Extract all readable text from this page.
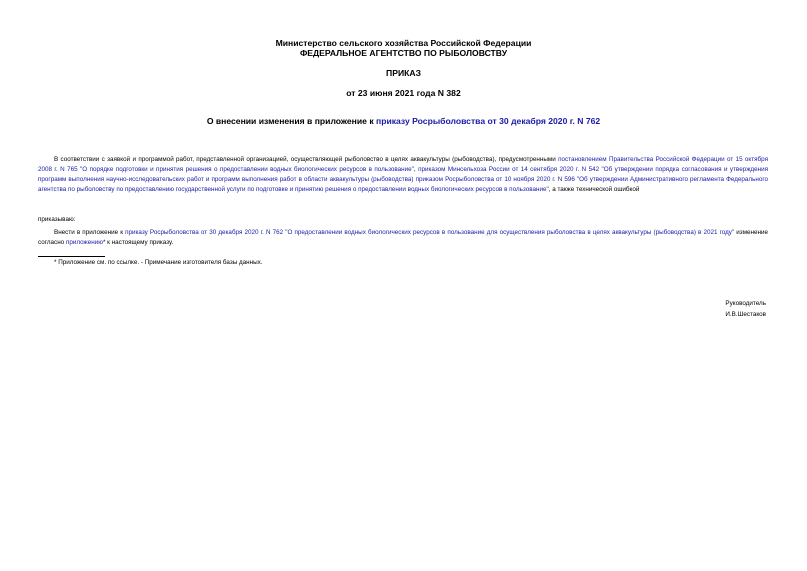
Министерство сельского хозяйства Российской Федерации
ФЕДЕРАЛЬНОЕ АГЕНТСТВО ПО РЫБОЛОВСТВУ
ПРИКАЗ
от 23 июня 2021 года N 382
О внесении изменения в приложение к приказу Росрыболовства от 30 декабря 2020 г. N 762
В соответствии с заявкой и программой работ, представленной организацией, осуществляющей рыболовство в целях аквакультуры (рыбоводства), предусмотренными постановлением Правительства Российской Федерации от 15 октября 2008 г. N 765 "О порядке подготовки и принятия решения о предоставлении водных биологических ресурсов в пользование", приказом Минсельхоза России от 14 сентября 2020 г. N 542 "Об утверждении порядка согласования и утверждения программ выполнения научно-исследовательских работ и программ выполнения работ в области аквакультуры (рыбоводства) приказом Росрыболовства от 10 ноября 2020 г. N 596 "Об утверждении Административного регламента Федерального агентства по рыболовству по предоставлению государственной услуги по подготовке и принятию решения о предоставлении водных биологических ресурсов в пользование", а также технической ошибкой
приказываю:
Внести в приложение к приказу Росрыболовства от 30 декабря 2020 г. N 762 "О предоставлении водных биологических ресурсов в пользование для осуществления рыболовства в целях аквакультуры (рыбоводства) в 2021 году" изменение согласно приложению* к настоящему приказу.
* Приложение см. по ссылке. - Примечание изготовителя базы данных.
Руководитель
И.В.Шестаков
